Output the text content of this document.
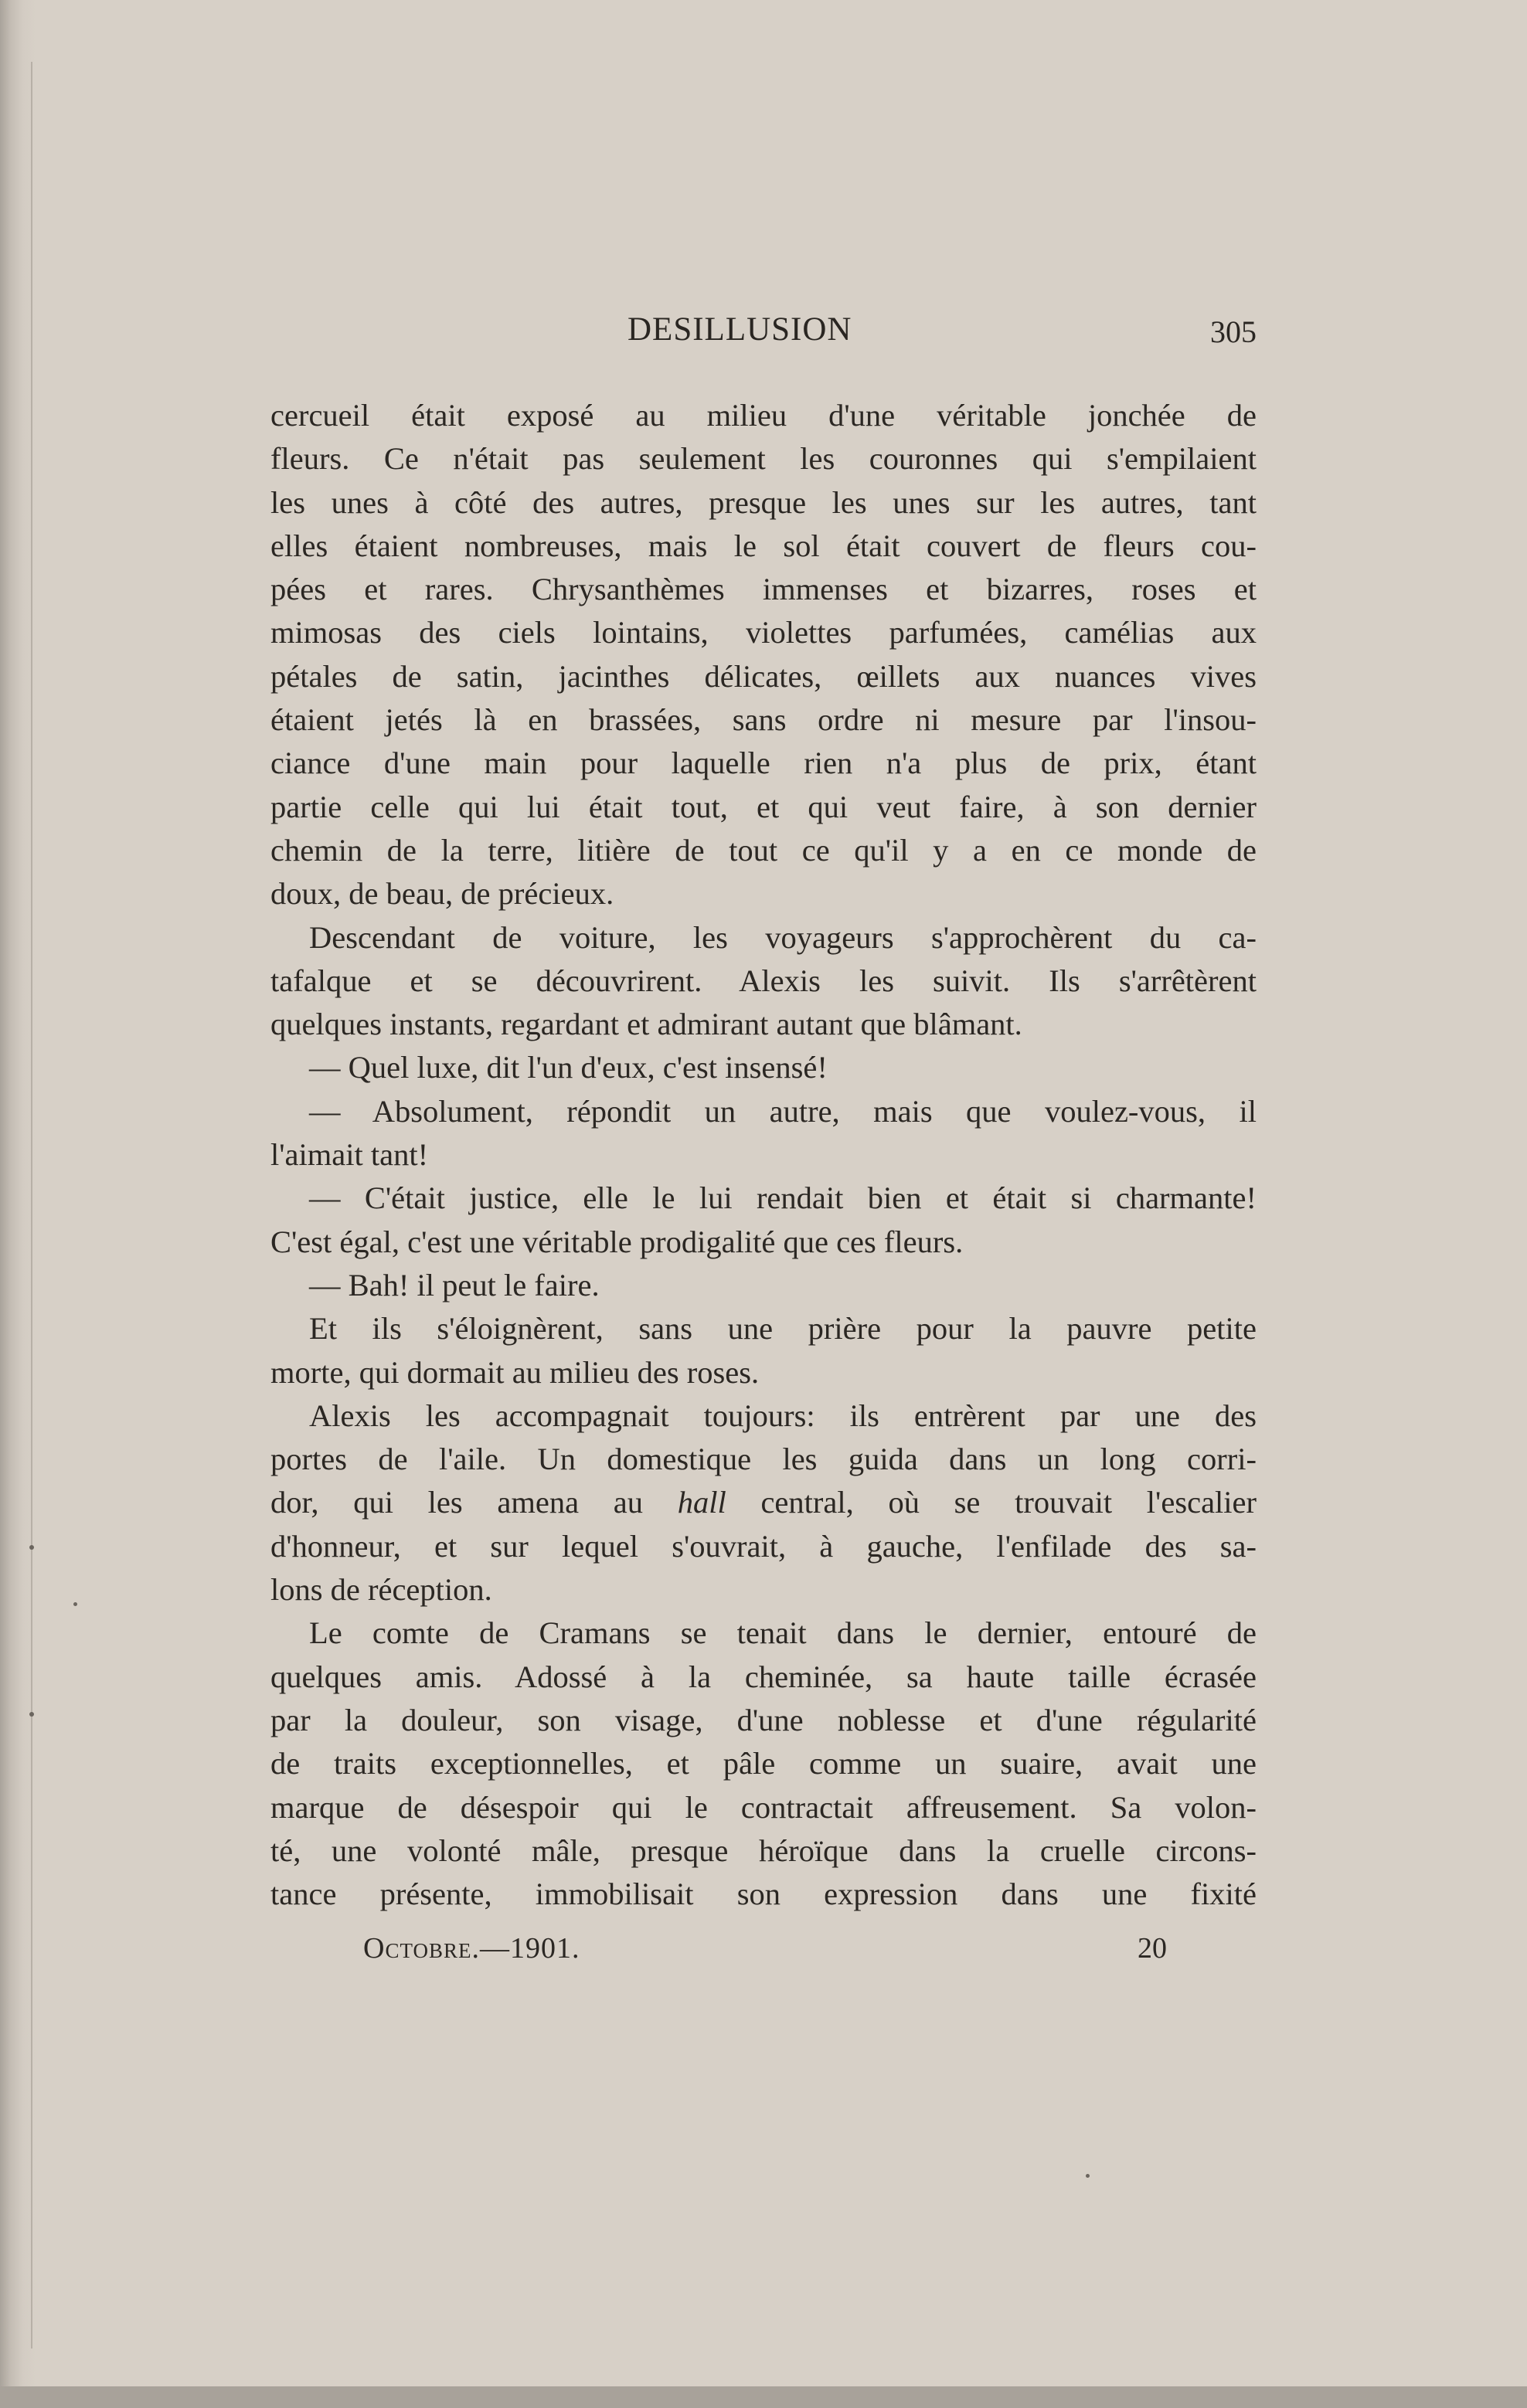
DESILLUSION	305
cercueil était exposé au milieu d'une véritable jonchée de
fleurs. Ce n'était pas seulement les couronnes qui s'empilaient
les unes à côté des autres, presque les unes sur les autres, tant
elles étaient nombreuses, mais le sol était couvert de fleurs cou-
pées et rares. Chrysanthèmes immenses et bizarres, roses et
mimosas des ciels lointains, violettes parfumées, camélias aux
pétales de satin, jacinthes délicates, œillets aux nuances vives
étaient jetés là en brassées, sans ordre ni mesure par l'insou-
ciance d'une main pour laquelle rien n'a plus de prix, étant
partie celle qui lui était tout, et qui veut faire, à son dernier
chemin de la terre, litière de tout ce qu'il y a en ce monde de
doux, de beau, de précieux.
Descendant de voiture, les voyageurs s'approchèrent du ca-
tafalque et se découvrirent. Alexis les suivit. Ils s'arrêtèrent
quelques instants, regardant et admirant autant que blâmant.
— Quel luxe, dit l'un d'eux, c'est insensé!
— Absolument, répondit un autre, mais que voulez-vous, il
l'aimait tant!
— C'était justice, elle le lui rendait bien et était si charmante!
C'est égal, c'est une véritable prodigalité que ces fleurs.
— Bah! il peut le faire.
Et ils s'éloignèrent, sans une prière pour la pauvre petite
morte, qui dormait au milieu des roses.
Alexis les accompagnait toujours: ils entrèrent par une des
portes de l'aile. Un domestique les guida dans un long corri-
dor, qui les amena au hall central, où se trouvait l'escalier
d'honneur, et sur lequel s'ouvrait, à gauche, l'enfilade des sa-
lons de réception.
Le comte de Cramans se tenait dans le dernier, entouré de
quelques amis. Adossé à la cheminée, sa haute taille écrasée
par la douleur, son visage, d'une noblesse et d'une régularité
de traits exceptionnelles, et pâle comme un suaire, avait une
marque de désespoir qui le contractait affreusement. Sa volon-
té, une volonté mâle, presque héroïque dans la cruelle circons-
tance présente, immobilisait son expression dans une fixité
Octobre.—1901.	20
